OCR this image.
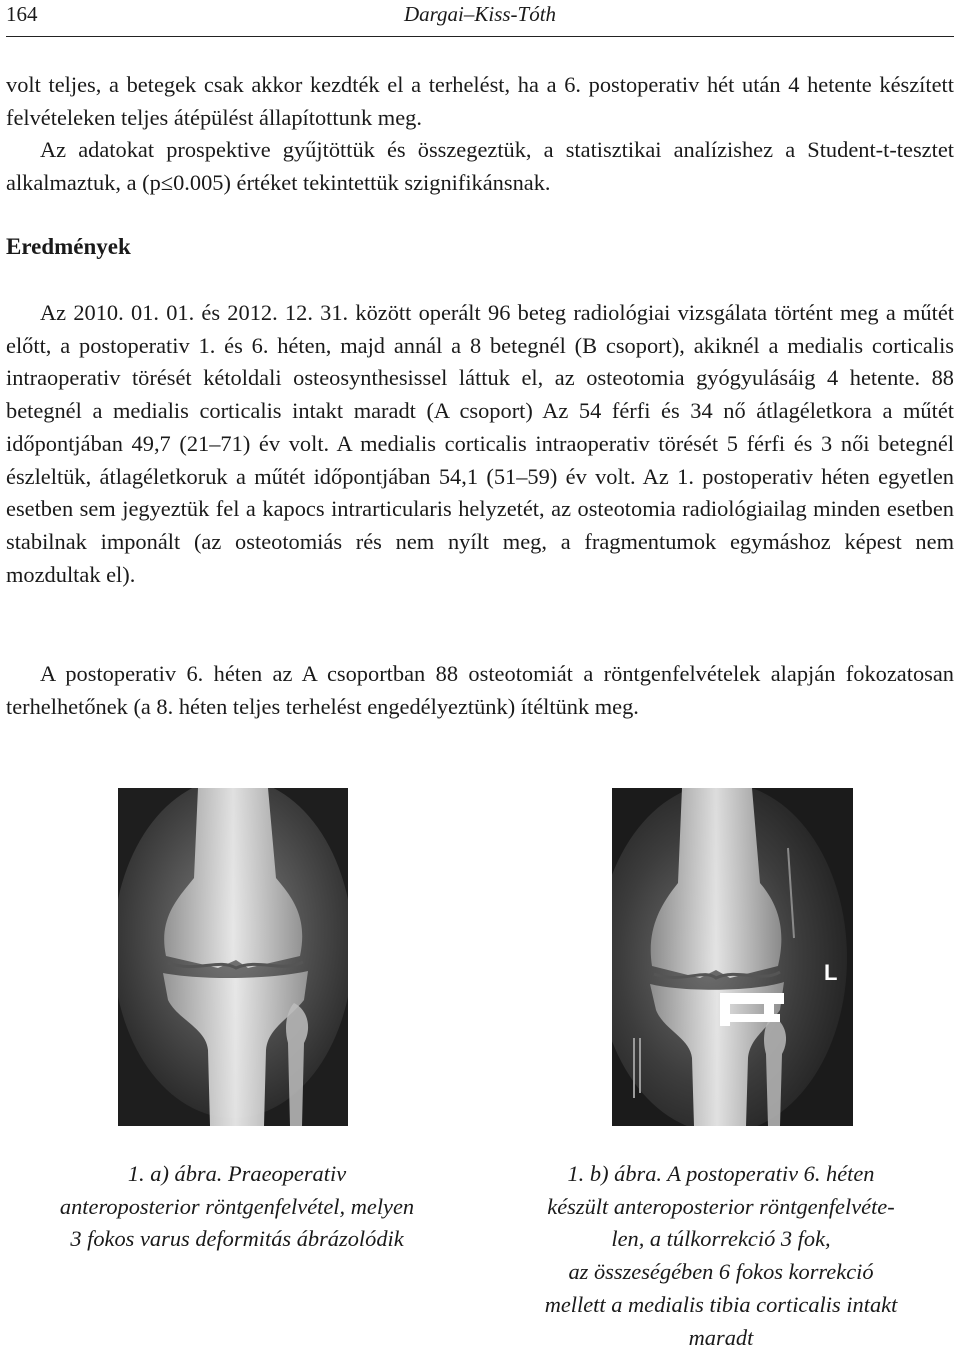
164	Dargai–Kiss-Tóth

volt teljes, a betegek csak akkor kezdték el a terhelést, ha a 6. postoperativ hét után 4 hetente készített felvételeken teljes átépülést állapítottunk meg.

Az adatokat prospektive gyűjtöttük és összegeztük, a statisztikai analízishez a Student-t-tesztet alkalmaztuk, a (p≤0.005) értéket tekintettük szignifikánsnak.

Eredmények

Az 2010. 01. 01. és 2012. 12. 31. között operált 96 beteg radiológiai vizsgálata történt meg a műtét előtt, a postoperativ 1. és 6. héten, majd annál a 8 betegnél (B csoport), akiknél a medialis corticalis intraoperativ törését kétoldali osteosynthesissel láttuk el, az osteotomia gyógyulásáig 4 hetente. 88 betegnél a medialis corticalis intakt maradt (A csoport) Az 54 férfi és 34 nő átlagéletkora a műtét időpontjában 49,7 (21–71) év volt. A medialis corticalis intraoperativ törését 5 férfi és 3 női betegnél észleltük, átlagéletkoruk a műtét időpontjában 54,1 (51–59) év volt. Az 1. postoperativ héten egyetlen esetben sem jegyeztük fel a kapocs intrarticularis helyzetét, az osteotomia radiológiailag minden esetben stabilnak imponált (az osteotomiás rés nem nyílt meg, a fragmentumok egymáshoz képest nem mozdultak el).

A postoperativ 6. héten az A csoportban 88 osteotomiát a röntgenfelvételek alapján fokozatosan terhelhetőnek (a 8. héten teljes terhelést engedélyeztünk) ítéltünk meg.

L
1. a) ábra. Praeoperativ
anteroposterior röntgenfelvétel, melyen
3 fokos varus deformitás ábrázolódik
1. b) ábra. A postoperativ 6. héten
készült anteroposterior röntgenfelvéte-
len, a túlkorrekció 3 fok,
az összeségében 6 fokos korrekció
mellett a medialis tibia corticalis intakt
maradt
